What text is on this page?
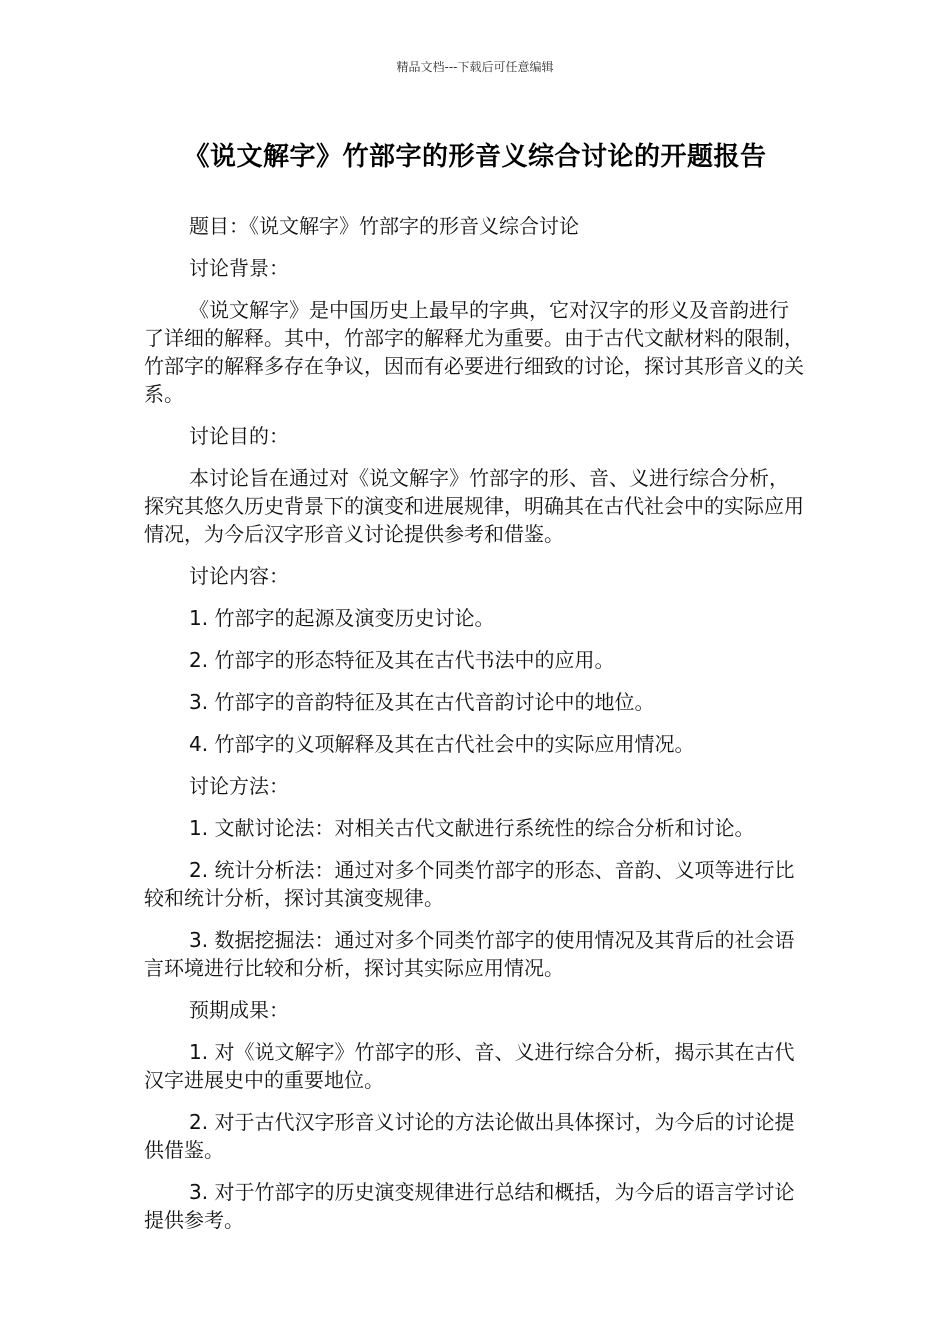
精品文档---下载后可任意编辑
《说文解字》竹部字的形音义综合讨论的开题报告

题目：《说文解字》竹部字的形音义综合讨论

讨论背景：

《说文解字》是中国历史上最早的字典，它对汉字的形义及音韵进行了详细的解释。其中，竹部字的解释尤为重要。由于古代文献材料的限制，竹部字的解释多存在争议，因而有必要进行细致的讨论，探讨其形音义的关系。

讨论目的：

本讨论旨在通过对《说文解字》竹部字的形、音、义进行综合分析，探究其悠久历史背景下的演变和进展规律，明确其在古代社会中的实际应用情况，为今后汉字形音义讨论提供参考和借鉴。

讨论内容：

1. 竹部字的起源及演变历史讨论。

2. 竹部字的形态特征及其在古代书法中的应用。

3. 竹部字的音韵特征及其在古代音韵讨论中的地位。

4. 竹部字的义项解释及其在古代社会中的实际应用情况。

讨论方法：

1. 文献讨论法：对相关古代文献进行系统性的综合分析和讨论。

2. 统计分析法：通过对多个同类竹部字的形态、音韵、义项等进行比较和统计分析，探讨其演变规律。

3. 数据挖掘法：通过对多个同类竹部字的使用情况及其背后的社会语言环境进行比较和分析，探讨其实际应用情况。

预期成果：

1. 对《说文解字》竹部字的形、音、义进行综合分析，揭示其在古代汉字进展史中的重要地位。

2. 对于古代汉字形音义讨论的方法论做出具体探讨，为今后的讨论提供借鉴。

3. 对于竹部字的历史演变规律进行总结和概括，为今后的语言学讨论提供参考。
